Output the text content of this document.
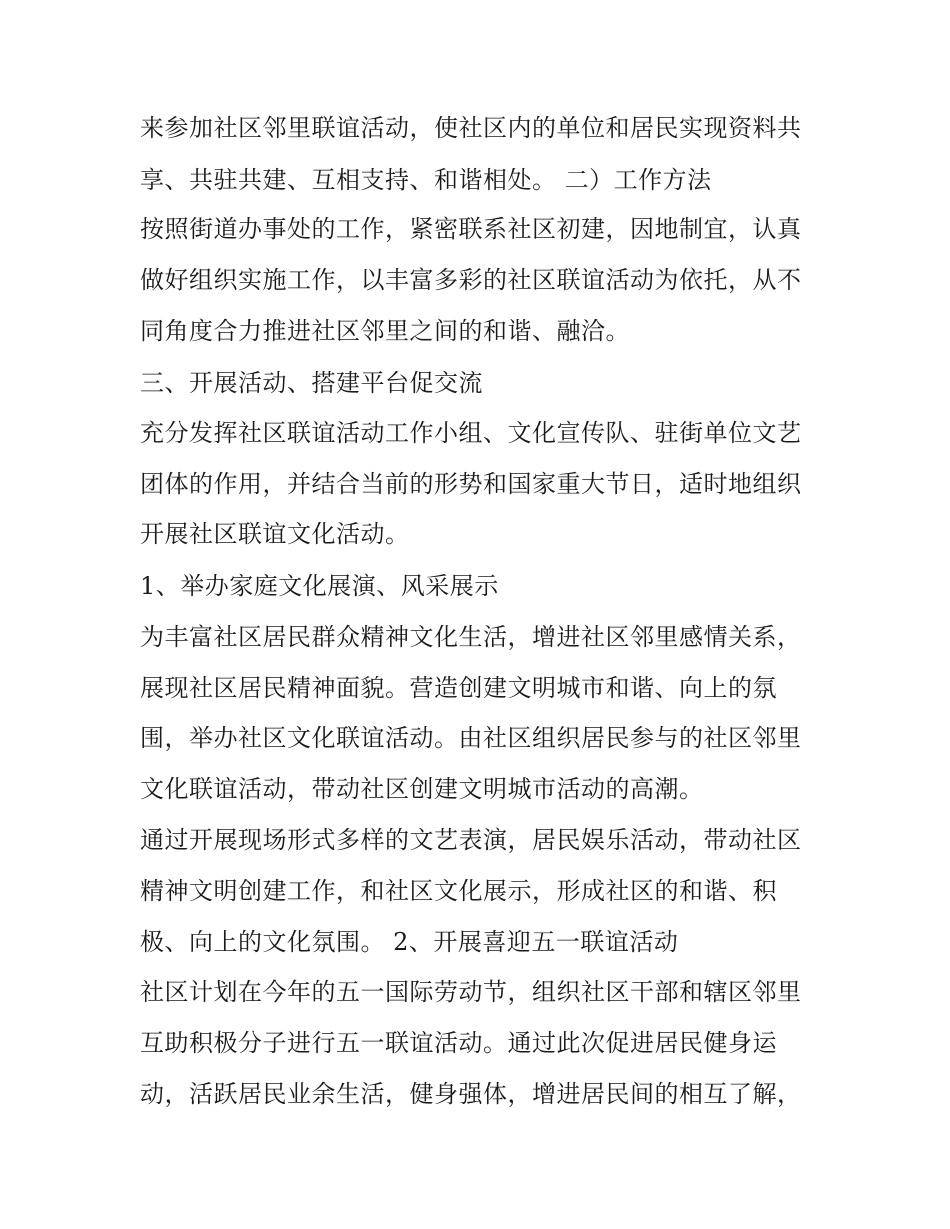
来参加社区邻里联谊活动，使社区内的单位和居民实现资料共
享、共驻共建、互相支持、和谐相处。 二）工作方法
按照街道办事处的工作，紧密联系社区初建，因地制宜，认真
做好组织实施工作，以丰富多彩的社区联谊活动为依托，从不
同角度合力推进社区邻里之间的和谐、融洽。
三、开展活动、搭建平台促交流
充分发挥社区联谊活动工作小组、文化宣传队、驻街单位文艺
团体的作用，并结合当前的形势和国家重大节日，适时地组织
开展社区联谊文化活动。
1、举办家庭文化展演、风采展示
为丰富社区居民群众精神文化生活，增进社区邻里感情关系，
展现社区居民精神面貌。营造创建文明城市和谐、向上的氛
围，举办社区文化联谊活动。由社区组织居民参与的社区邻里
文化联谊活动，带动社区创建文明城市活动的高潮。
通过开展现场形式多样的文艺表演，居民娱乐活动，带动社区
精神文明创建工作，和社区文化展示，形成社区的和谐、积
极、向上的文化氛围。 2、开展喜迎五一联谊活动
社区计划在今年的五一国际劳动节，组织社区干部和辖区邻里
互助积极分子进行五一联谊活动。通过此次促进居民健身运
动，活跃居民业余生活，健身强体，增进居民间的相互了解，
